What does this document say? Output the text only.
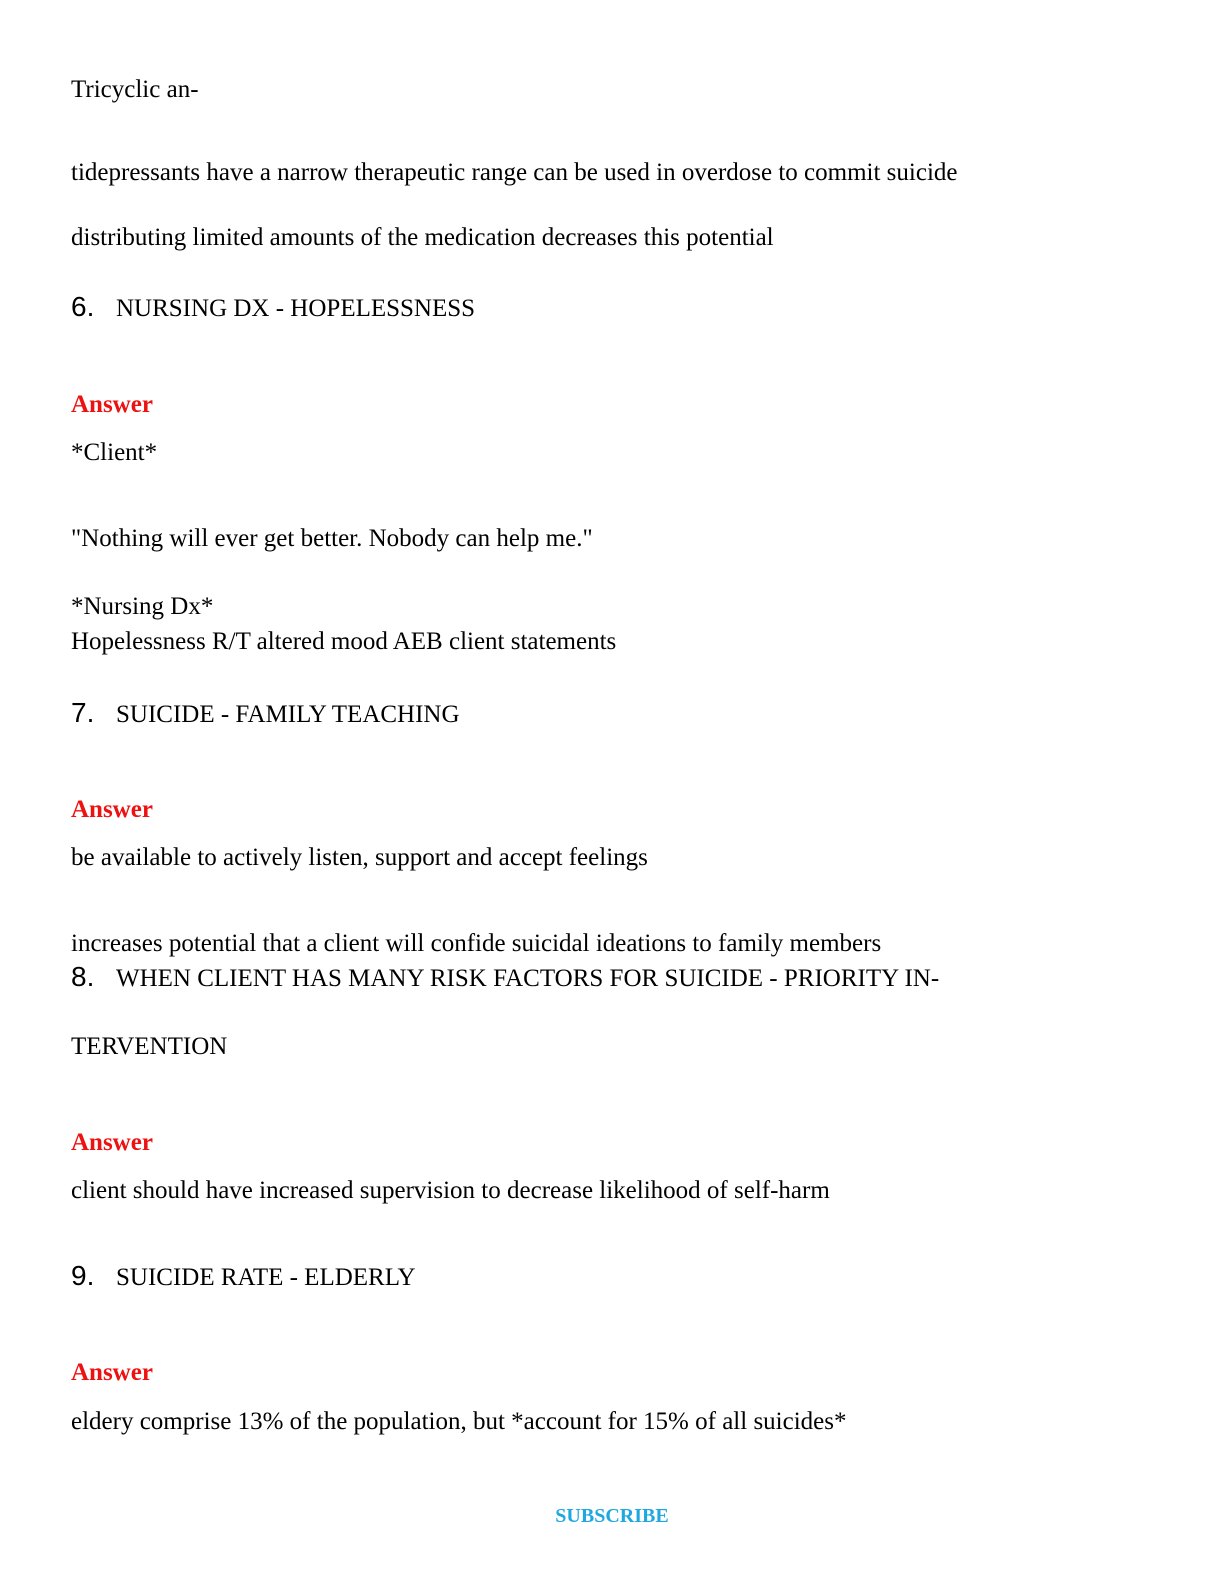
Tricyclic an-
tidepressants have a narrow therapeutic range can be used in overdose to commit suicide
distributing limited amounts of the medication decreases this potential
6. NURSING DX - HOPELESSNESS
Answer
*Client*
"Nothing will ever get better. Nobody can help me."
*Nursing Dx*
Hopelessness R/T altered mood AEB client statements
7. SUICIDE - FAMILY TEACHING
Answer
be available to actively listen, support and accept feelings
increases potential that a client will confide suicidal ideations to family members
8. WHEN CLIENT HAS MANY RISK FACTORS FOR SUICIDE - PRIORITY IN-
TERVENTION
Answer
client should have increased supervision to decrease likelihood of self-harm
9. SUICIDE RATE - ELDERLY
Answer
eldery comprise 13% of the population, but *account for 15% of all suicides*
SUBSCRIBE
